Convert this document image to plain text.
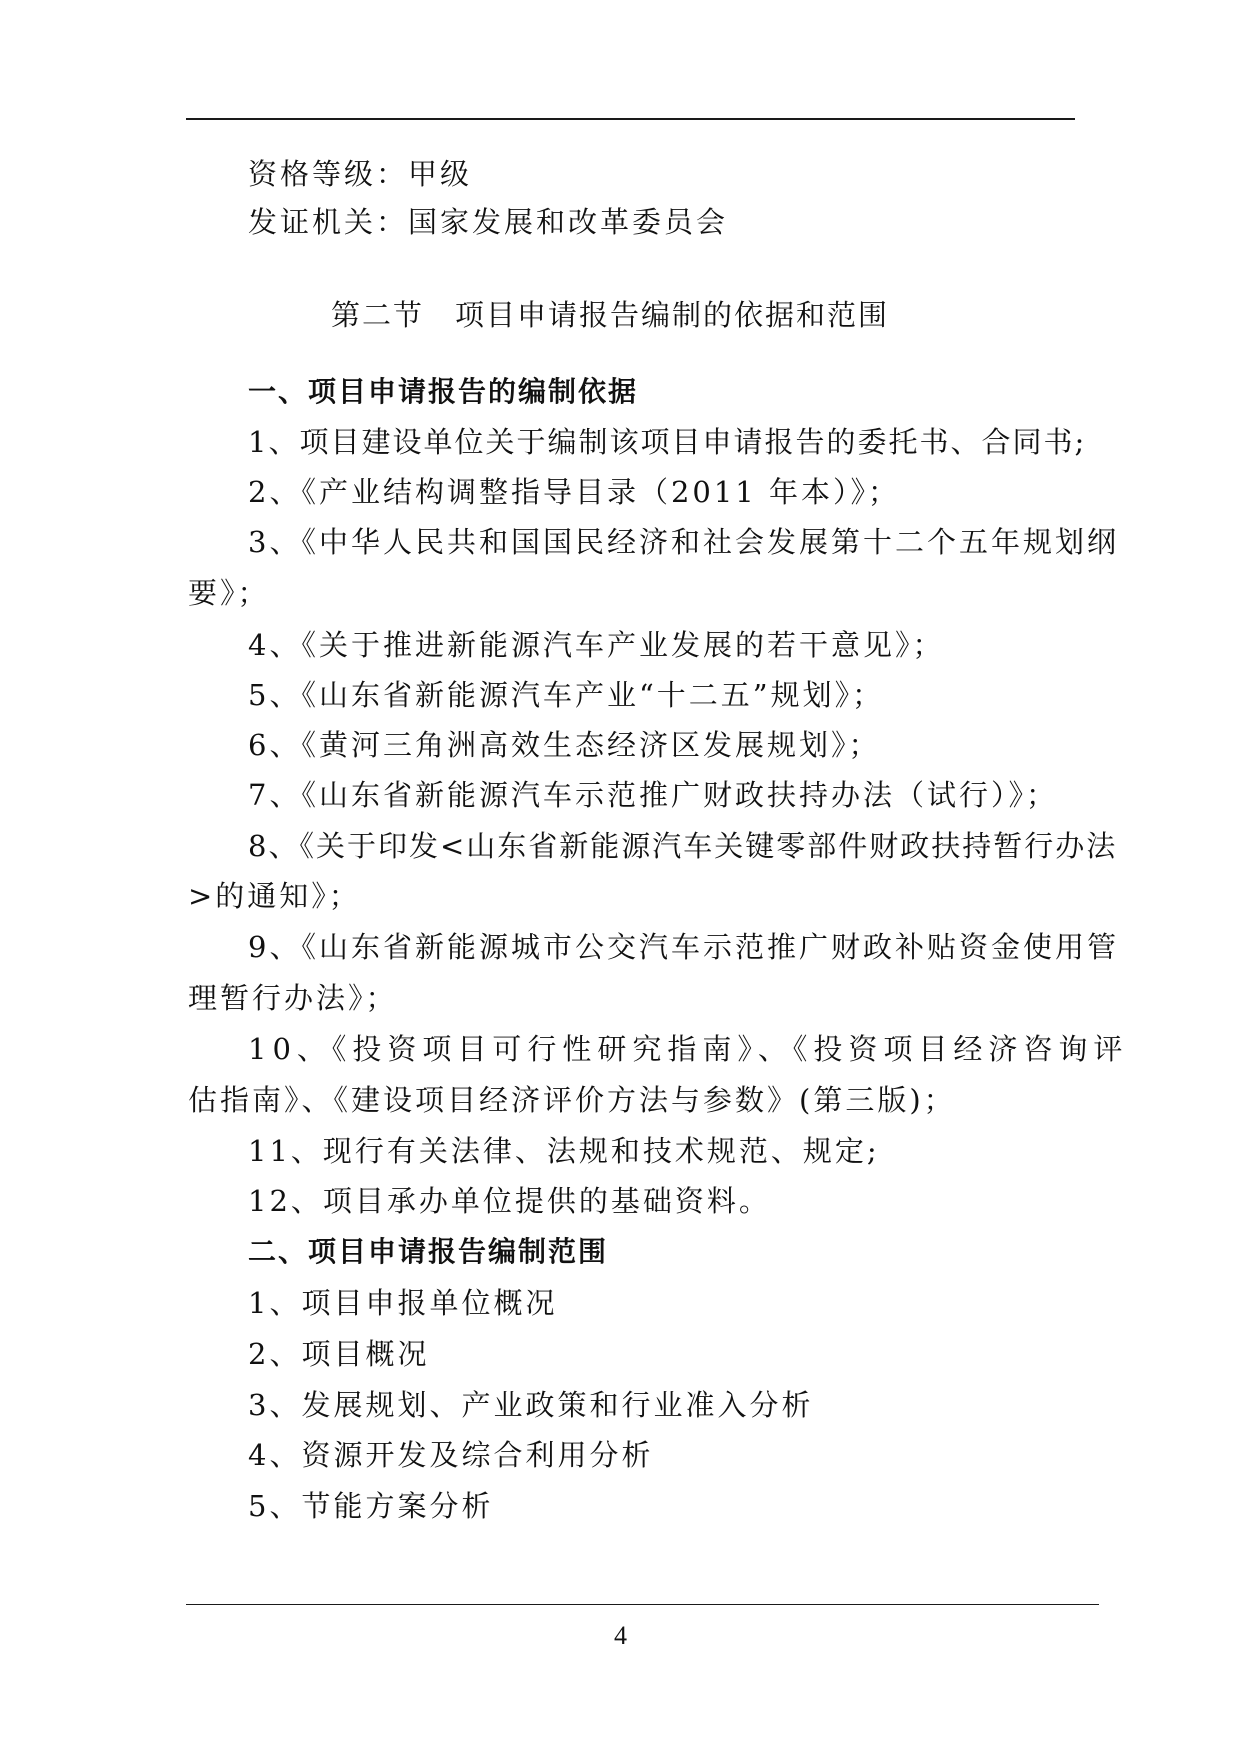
资格等级：甲级
发证机关：国家发展和改革委员会
第二节　项目申请报告编制的依据和范围
一、项目申请报告的编制依据
1、项目建设单位关于编制该项目申请报告的委托书、合同书;
2、《产业结构调整指导目录（2011 年本）》；
3、《中华人民共和国国民经济和社会发展第十二个五年规划纲
要》；
4、《关于推进新能源汽车产业发展的若干意见》；
5、《山东省新能源汽车产业“十二五”规划》；
6、《黄河三角洲高效生态经济区发展规划》；
7、《山东省新能源汽车示范推广财政扶持办法（试行）》；
8、《关于印发<山东省新能源汽车关键零部件财政扶持暂行办法
>的通知》；
9、《山东省新能源城市公交汽车示范推广财政补贴资金使用管
理暂行办法》；
10、《投资项目可行性研究指南》、《投资项目经济咨询评
估指南》、《建设项目经济评价方法与参数》(第三版)；
11、现行有关法律、法规和技术规范、规定;
12、项目承办单位提供的基础资料。
二、项目申请报告编制范围
1、项目申报单位概况
2、项目概况
3、发展规划、产业政策和行业准入分析
4、资源开发及综合利用分析
5、节能方案分析
4
